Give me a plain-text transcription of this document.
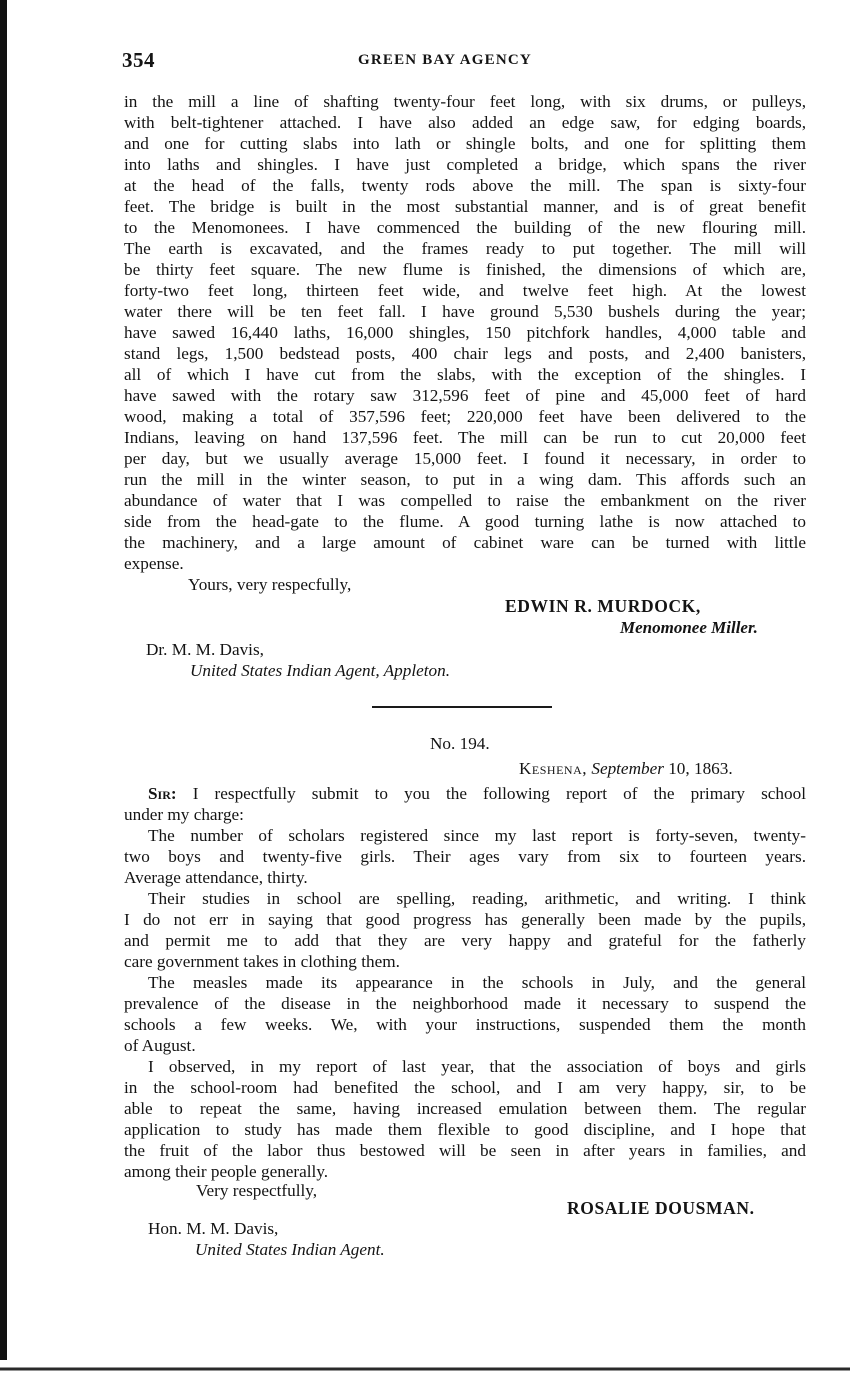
354	GREEN BAY AGENCY
in the mill a line of shafting twenty-four feet long, with six drums, or pulleys,
with belt-tightener attached. I have also added an edge saw, for edging boards,
and one for cutting slabs into lath or shingle bolts, and one for splitting them
into laths and shingles. I have just completed a bridge, which spans the river
at the head of the falls, twenty rods above the mill. The span is sixty-four
feet. The bridge is built in the most substantial manner, and is of great benefit
to the Menomonees. I have commenced the building of the new flouring mill.
The earth is excavated, and the frames ready to put together. The mill will
be thirty feet square. The new flume is finished, the dimensions of which are,
forty-two feet long, thirteen feet wide, and twelve feet high. At the lowest
water there will be ten feet fall. I have ground 5,530 bushels during the year;
have sawed 16,440 laths, 16,000 shingles, 150 pitchfork handles, 4,000 table and
stand legs, 1,500 bedstead posts, 400 chair legs and posts, and 2,400 banisters,
all of which I have cut from the slabs, with the exception of the shingles. I
have sawed with the rotary saw 312,596 feet of pine and 45,000 feet of hard
wood, making a total of 357,596 feet; 220,000 feet have been delivered to the
Indians, leaving on hand 137,596 feet. The mill can be run to cut 20,000 feet
per day, but we usually average 15,000 feet. I found it necessary, in order to
run the mill in the winter season, to put in a wing dam. This affords such an
abundance of water that I was compelled to raise the embankment on the river
side from the head-gate to the flume. A good turning lathe is now attached to
the machinery, and a large amount of cabinet ware can be turned with little
expense.
Yours, very respecfully,
EDWIN R. MURDOCK,
Menomonee Miller.
Dr. M. M. Davis,
United States Indian Agent, Appleton.
No. 194.
Keshena, September 10, 1863.
Sir: I respectfully submit to you the following report of the primary school
under my charge:
The number of scholars registered since my last report is forty-seven, twenty-
two boys and twenty-five girls. Their ages vary from six to fourteen years.
Average attendance, thirty.
Their studies in school are spelling, reading, arithmetic, and writing. I think
I do not err in saying that good progress has generally been made by the pupils,
and permit me to add that they are very happy and grateful for the fatherly
care government takes in clothing them.
The measles made its appearance in the schools in July, and the general
prevalence of the disease in the neighborhood made it necessary to suspend the
schools a few weeks. We, with your instructions, suspended them the month
of August.
I observed, in my report of last year, that the association of boys and girls
in the school-room had benefited the school, and I am very happy, sir, to be
able to repeat the same, having increased emulation between them. The regular
application to study has made them flexible to good discipline, and I hope that
the fruit of the labor thus bestowed will be seen in after years in families, and
among their people generally.
Very respectfully,
ROSALIE DOUSMAN.
Hon. M. M. Davis,
United States Indian Agent.
